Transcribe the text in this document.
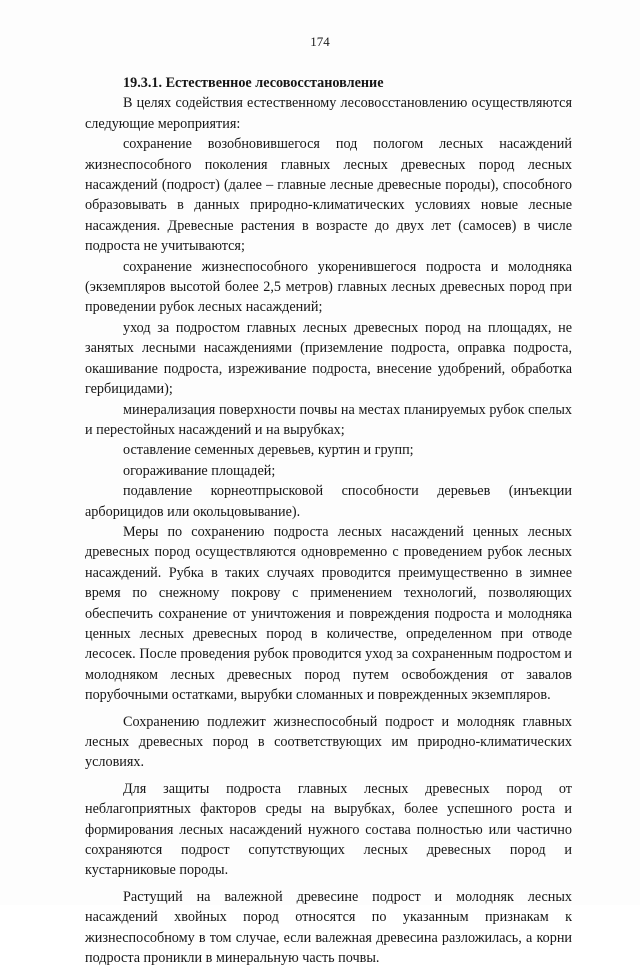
174

19.3.1. Естественное лесовосстановление

В целях содействия естественному лесовосстановлению осуществляются следующие мероприятия:

сохранение возобновившегося под пологом лесных насаждений жизнеспособного поколения главных лесных древесных пород лесных насаждений (подрост) (далее – главные лесные древесные породы), способного образовывать в данных природно-климатических условиях новые лесные насаждения. Древесные растения в возрасте до двух лет (самосев) в числе подроста не учитываются;

сохранение жизнеспособного укоренившегося подроста и молодняка (экземпляров высотой более 2,5 метров) главных лесных древесных пород при проведении рубок лесных насаждений;

уход за подростом главных лесных древесных пород на площадях, не занятых лесными насаждениями (приземление подроста, оправка подроста, окашивание подроста, изреживание подроста, внесение удобрений, обработка гербицидами);

минерализация поверхности почвы на местах планируемых рубок спелых и перестойных насаждений и на вырубках;

оставление семенных деревьев, куртин и групп;

огораживание площадей;

подавление корнеотпрысковой способности деревьев (инъекции арборицидов или окольцовывание).

Меры по сохранению подроста лесных насаждений ценных лесных древесных пород осуществляются одновременно с проведением рубок лесных насаждений. Рубка в таких случаях проводится преимущественно в зимнее время по снежному покрову с применением технологий, позволяющих обеспечить сохранение от уничтожения и повреждения подроста и молодняка ценных лесных древесных пород в количестве, определенном при отводе лесосек. После проведения рубок проводится уход за сохраненным подростом и молодняком лесных древесных пород путем освобождения от завалов порубочными остатками, вырубки сломанных и поврежденных экземпляров.

Сохранению подлежит жизнеспособный подрост и молодняк главных лесных древесных пород в соответствующих им природно-климатических условиях.

Для защиты подроста главных лесных древесных пород от неблагоприятных факторов среды на вырубках, более успешного роста и формирования лесных насаждений нужного состава полностью или частично сохраняются подрост сопутствующих лесных древесных пород и кустарниковые породы.

Растущий на валежной древесине подрост и молодняк лесных насаждений хвойных пород относятся по указанным признакам к жизнеспособному в том случае, если валежная древесина разложилась, а корни подроста проникли в минеральную часть почвы.
